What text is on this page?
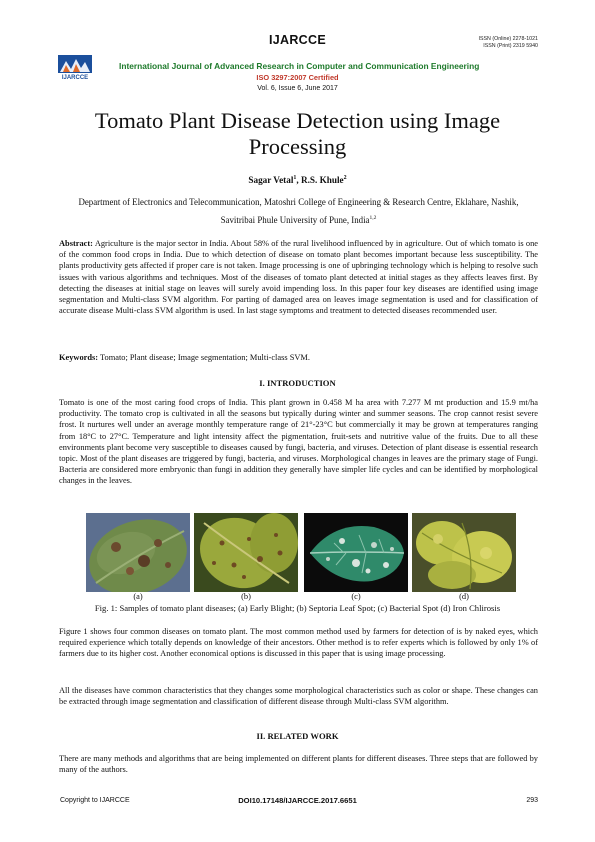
IJARCCE	ISSN (Online) 2278-1021
ISSN (Print) 2319 5940
IJARCCE
International Journal of Advanced Research in Computer and Communication Engineering
ISO 3297:2007 Certified
Vol. 6, Issue 6, June 2017
Tomato Plant Disease Detection using Image Processing
Sagar Vetal$^1$, R.S. Khule$^2$
Department of Electronics and Telecommunication, Matoshri College of Engineering & Research Centre, Eklahare, Nashik, Savitribai Phule University of Pune, India$^{1,2}$
Abstract: Agriculture is the major sector in India. About 58% of the rural livelihood influenced by in agriculture. Out of which tomato is one of the common food crops in India. Due to which detection of disease on tomato plant becomes important because less susceptibility. The plants productivity gets affected if proper care is not taken. Image processing is one of upbringing technology which is helping to resolve such issues with various algorithms and techniques. Most of the diseases of tomato plant detected at initial stages as they affects leaves first. By detecting the diseases at initial stage on leaves will surely avoid impending loss. In this paper four key diseases are identified using image segmentation and Multi-class SVM algorithm. For parting of damaged area on leaves image segmentation is used and for classification of accurate disease Multi-class SVM algorithm is used. In last stage symptoms and treatment to detected diseases recommended user.
Keywords: Tomato; Plant disease; Image segmentation; Multi-class SVM.
I. INTRODUCTION
Tomato is one of the most caring food crops of India. This plant grown in 0.458 M ha area with 7.277 M mt production and 15.9 mt/ha productivity. The tomato crop is cultivated in all the seasons but typically during winter and summer seasons. The crop cannot resist severe frost. It nurtures well under an average monthly temperature range of 21°-23°C but commercially it may be grown at temperatures ranging from 18°C to 27°C. Temperature and light intensity affect the pigmentation, fruit-sets and nutritive value of the fruits. Due to all these environments plant become very susceptible to diseases caused by fungi, bacteria, and viruses. Detection of plant disease is essential research topic. Most of the plant diseases are triggered by fungi, bacteria, and viruses. Morphological changes in leaves are the primary stage of Fungi. Bacteria are considered more embryonic than fungi in addition they generally have simpler life cycles and can be identified by morphological changes in the leaves.
(a)	(b)	(c)	(d)
Fig. 1: Samples of tomato plant diseases; (a) Early Blight; (b) Septoria Leaf Spot; (c) Bacterial Spot (d) Iron Chlirosis
Figure 1 shows four common diseases on tomato plant. The most common method used by farmers for detection of is by naked eyes, which required experience which totally depends on knowledge of their ancestors. Other method is to refer experts which is followed by only 1% of farmers due to its higher cost. Another economical options is discussed in this paper that is using image processing.
All the diseases have common characteristics that they changes some morphological characteristics such as color or shape. These changes can be extracted through image segmentation and classification of different disease through Multi-class SVM algorithm.
II. RELATED WORK
There are many methods and algorithms that are being implemented on different plants for different diseases. Three steps that are followed by many of the authors.
Copyright to IJARCCE	DOI10.17148/IJARCCE.2017.6651	293
